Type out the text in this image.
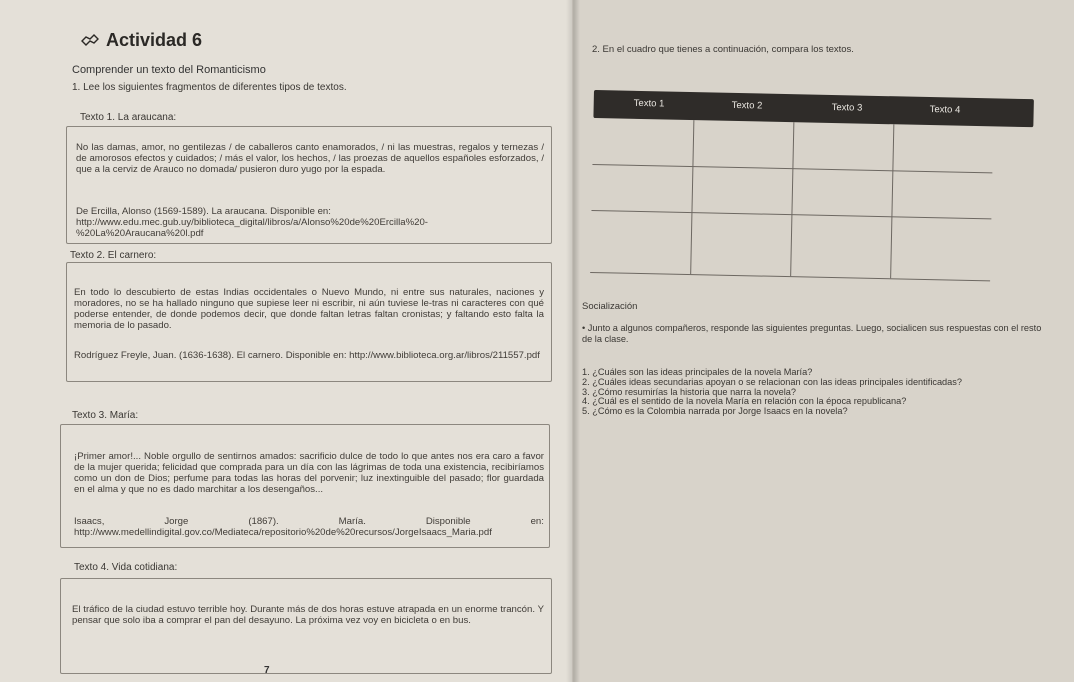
Actividad 6
Comprender un texto del Romanticismo
1. Lee los siguientes fragmentos de diferentes tipos de textos.
Texto 1. La araucana:
No las damas, amor, no gentilezas / de caballeros canto enamorados, / ni las muestras, regalos y ternezas / de amorosos efectos y cuidados; / más el valor, los hechos, / las proezas de aquellos españoles esforzados, / que a la cerviz de Arauco no domada/ pusieron duro yugo por la espada.
De Ercilla, Alonso (1569-1589). La araucana. Disponible en: http://www.edu.mec.gub.uy/biblioteca_digital/libros/a/Alonso%20de%20Ercilla%20-%20La%20Araucana%20l.pdf
Texto 2. El carnero:
En todo lo descubierto de estas Indias occidentales o Nuevo Mundo, ni entre sus naturales, naciones y moradores, no se ha hallado ninguno que supiese leer ni escribir, ni aún tuviese le-tras ni caracteres con qué poderse entender, de donde podemos decir, que donde faltan letras faltan cronistas; y faltando esto falta la memoria de lo pasado.
Rodríguez Freyle, Juan. (1636-1638). El carnero. Disponible en: http://www.biblioteca.org.ar/libros/211557.pdf
Texto 3. María:
¡Primer amor!... Noble orgullo de sentirnos amados: sacrificio dulce de todo lo que antes nos era caro a favor de la mujer querida; felicidad que comprada para un día con las lágrimas de toda una existencia, recibiríamos como un don de Dios; perfume para todas las horas del porvenir; luz inextinguible del pasado; flor guardada en el alma y que no es dado marchitar a los desengaños...
Isaacs,	Jorge	(1867).	María.	Disponible	en:
http://www.medellindigital.gov.co/Mediateca/repositorio%20de%20recursos/JorgeIsaacs_Maria.pdf
Texto 4. Vida cotidiana:
El tráfico de la ciudad estuvo terrible hoy. Durante más de dos horas estuve atrapada en un enorme trancón. Y pensar que solo iba a comprar el pan del desayuno. La próxima vez voy en bicicleta o en bus.
7
2. En el cuadro que tienes a continuación, compara los textos.
Texto 1	Texto 2	Texto 3	Texto 4
Socialización
• Junto a algunos compañeros, responde las siguientes preguntas. Luego, socialicen sus respuestas con el resto de la clase.
1. ¿Cuáles son las ideas principales de la novela María?
2. ¿Cuáles ideas secundarias apoyan o se relacionan con las ideas principales identificadas?
3. ¿Cómo resumirías la historia que narra la novela?
4. ¿Cuál es el sentido de la novela María en relación con la época republicana?
5. ¿Cómo es la Colombia narrada por Jorge Isaacs en la novela?
